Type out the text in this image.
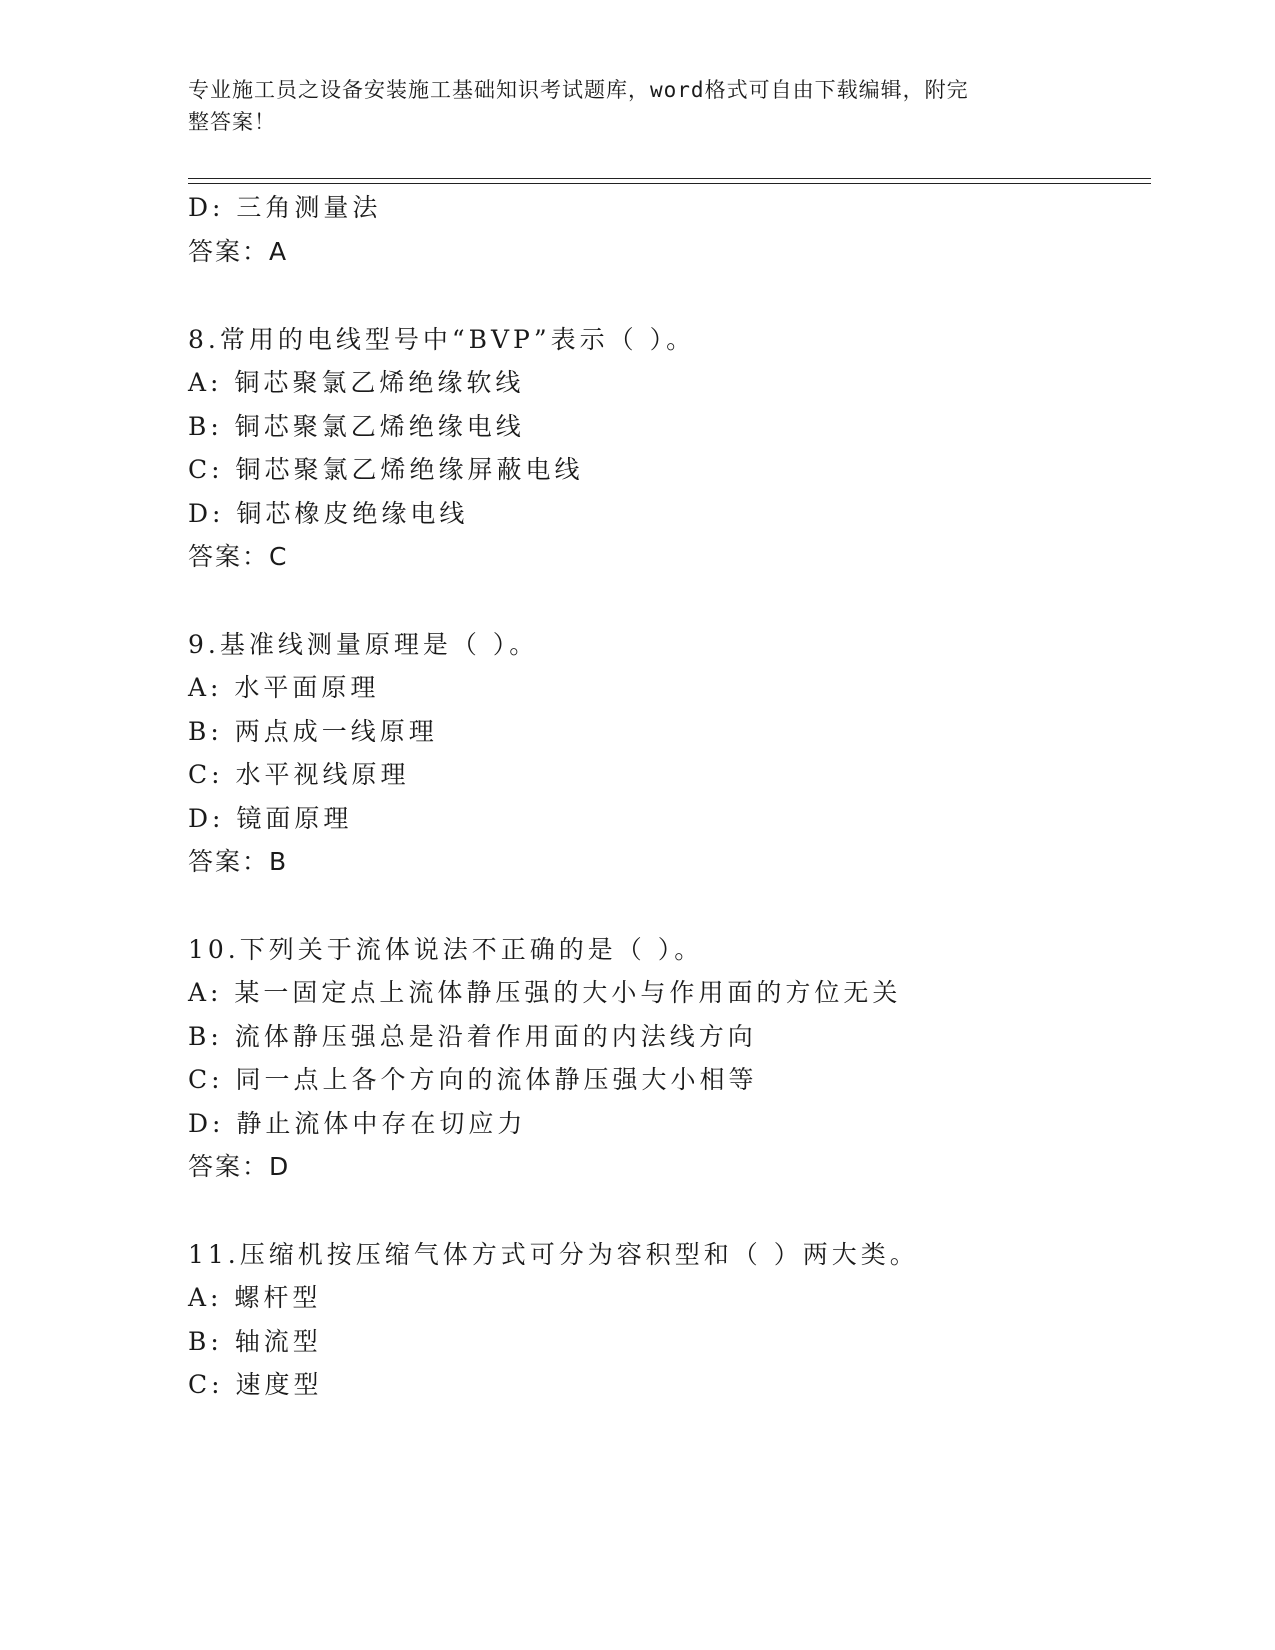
专业施工员之设备安装施工基础知识考试题库，word格式可自由下载编辑，附完
整答案！
D: 三角测量法
答案：A
8.常用的电线型号中“BVP”表示（ ）。
A: 铜芯聚氯乙烯绝缘软线
B: 铜芯聚氯乙烯绝缘电线
C: 铜芯聚氯乙烯绝缘屏蔽电线
D: 铜芯橡皮绝缘电线
答案：C
9.基准线测量原理是（ ）。
A: 水平面原理
B: 两点成一线原理
C: 水平视线原理
D: 镜面原理
答案：B
10.下列关于流体说法不正确的是（ ）。
A: 某一固定点上流体静压强的大小与作用面的方位无关
B: 流体静压强总是沿着作用面的内法线方向
C: 同一点上各个方向的流体静压强大小相等
D: 静止流体中存在切应力
答案：D
11.压缩机按压缩气体方式可分为容积型和（ ）两大类。
A: 螺杆型
B: 轴流型
C: 速度型
